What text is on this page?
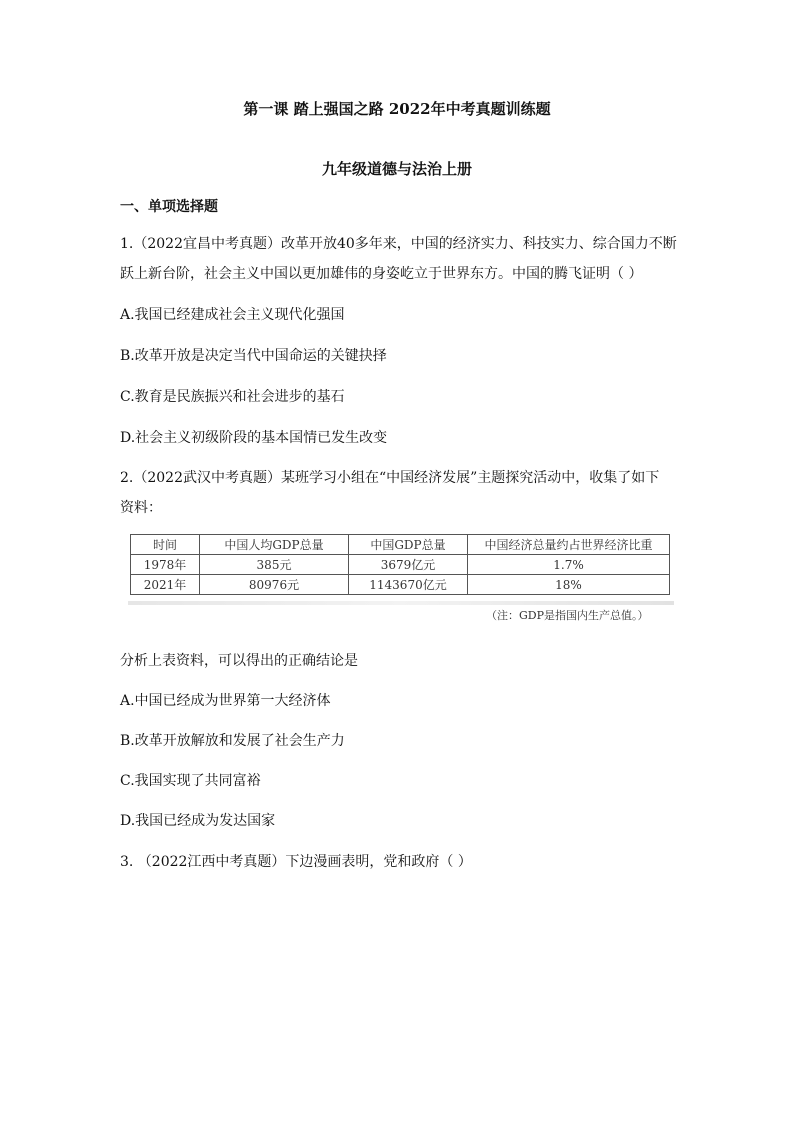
第一课 踏上强国之路 2022年中考真题训练题
九年级道德与法治上册
一、单项选择题
1.（2022宜昌中考真题）改革开放40多年来，中国的经济实力、科技实力、综合国力不断
跃上新台阶，社会主义中国以更加雄伟的身姿屹立于世界东方。中国的腾飞证明（ ）
A.我国已经建成社会主义现代化强国
B.改革开放是决定当代中国命运的关键抉择
C.教育是民族振兴和社会进步的基石
D.社会主义初级阶段的基本国情已发生改变
2.（2022武汉中考真题）某班学习小组在“中国经济发展”主题探究活动中，收集了如下
资料：
时间	中国人均GDP总量	中国GDP总量	中国经济总量约占世界经济比重
1978年	385元	3679亿元	1.7%
2021年	80976元	1143670亿元	18%
（注：GDP是指国内生产总值。）
分析上表资料，可以得出的正确结论是
A.中国已经成为世界第一大经济体
B.改革开放解放和发展了社会生产力
C.我国实现了共同富裕
D.我国已经成为发达国家
3. （2022江西中考真题）下边漫画表明，党和政府（ ）
